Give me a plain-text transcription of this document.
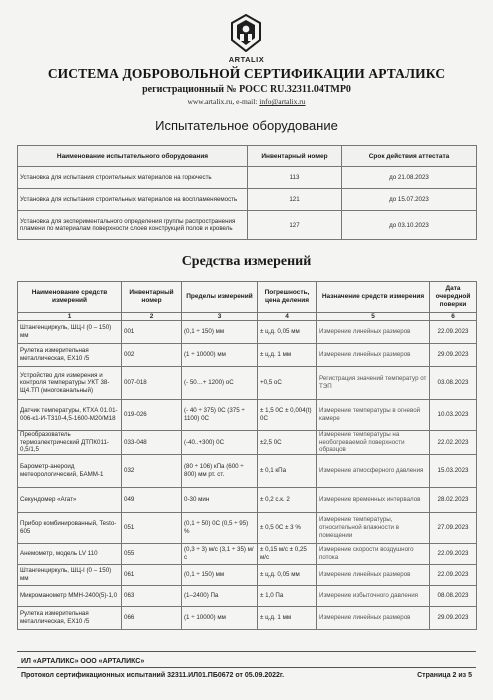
ARTALIX
СИСТЕМА ДОБРОВОЛЬНОЙ СЕРТИФИКАЦИИ АРТАЛИКС
регистрационный № РОСС RU.32311.04ТМР0
www.artalix.ru, e-mail: info@artalix.ru
Испытательное оборудование
Наименование испытательного оборудования	Инвентарный номер	Срок действия аттестата
Установка для испытания строительных материалов на горючесть	113	до 21.08.2023
Установка для испытания строительных материалов на воспламеняемость	121	до 15.07.2023
Установка для экспериментального определения группы распространения пламени по материалам поверхности слоев конструкций полов и кровель	127	до 03.10.2023
Средства измерений
Наименование средств измерений	Инвентарный номер	Пределы измерений	Погрешность, цена деления	Назначение средств измерения	Дата очередной поверки
1	2	3	4	5	6
Штангенциркуль, ШЦ-I (0 – 150) мм	001	(0,1 ÷ 150) мм	± ц.д. 0,05 мм	Измерение линейных размеров	22.09.2023
Рулетка измерительная металлическая, EX10 /5	002	(1 ÷ 10000) мм	± ц.д. 1 мм	Измерение линейных размеров	29.09.2023
Устройство для измерения и контроля температуры УКТ 38-Щ4.ТП (многоканальный)	007-018	(- 50…+ 1200) оС	+0,5 оС	Регистрация значений температур от ТЭП	03.08.2023
Датчик температуры, КТХА 01.01-006-к1-И-Т310-4,5-1600-М20/М18	019-026	(- 40 ÷ 375) 0С (375 ÷ 1100) 0С	± 1,5 0С ± 0,004(t) 0С	Измерение температуры в огневой камере	10.03.2023
Преобразователь термоэлектрический ДТПК011-0,5/1,5	033-048	(-40..+300) 0С	±2,5 0С	Измерение температуры на необогреваемой поверхности образцов	22.02.2023
Барометр-анероид метеорологический, БАММ-1	032	(80 ÷ 106) кПа (600 ÷ 800) мм рт. ст.	± 0,1 кПа	Измерение атмосферного давления	15.03.2023
Секундомер «Агат»	049	0-30 мин	± 0,2 с.к. 2	Измерение временных интервалов	28.02.2023
Прибор комбинированный, Testo-605	051	(0,1 ÷ 50) 0С (0,5 ÷ 95) %	± 0,5 0С ± 3 %	Измерение температуры, относительной влажности в помещении	27.09.2023
Анемометр, модель LV 110	055	(0,3 ÷ 3) м/с (3,1 ÷ 35) м/с	± 0,15 м/с ± 0,25 м/с	Измерение скорости воздушного потока	22.09.2023
Штангенциркуль, ШЦ-I (0 – 150) мм	061	(0,1 ÷ 150) мм	± ц.д. 0,05 мм	Измерение линейных размеров	22.09.2023
Микроманометр ММН-2400(5)-1,0	063	(1–2400) Па	± 1,0 Па	Измерение избыточного давления	08.08.2023
Рулетка измерительная металлическая, EX10 /5	066	(1 ÷ 10000) мм	± ц.д. 1 мм	Измерение линейных размеров	29.09.2023
ИЛ «АРТАЛИКС» ООО «АРТАЛИКС»
Протокол сертификационных испытаний 32311.ИЛ01.ПБ0672 от 05.09.2022г.	Страница 2 из 5
